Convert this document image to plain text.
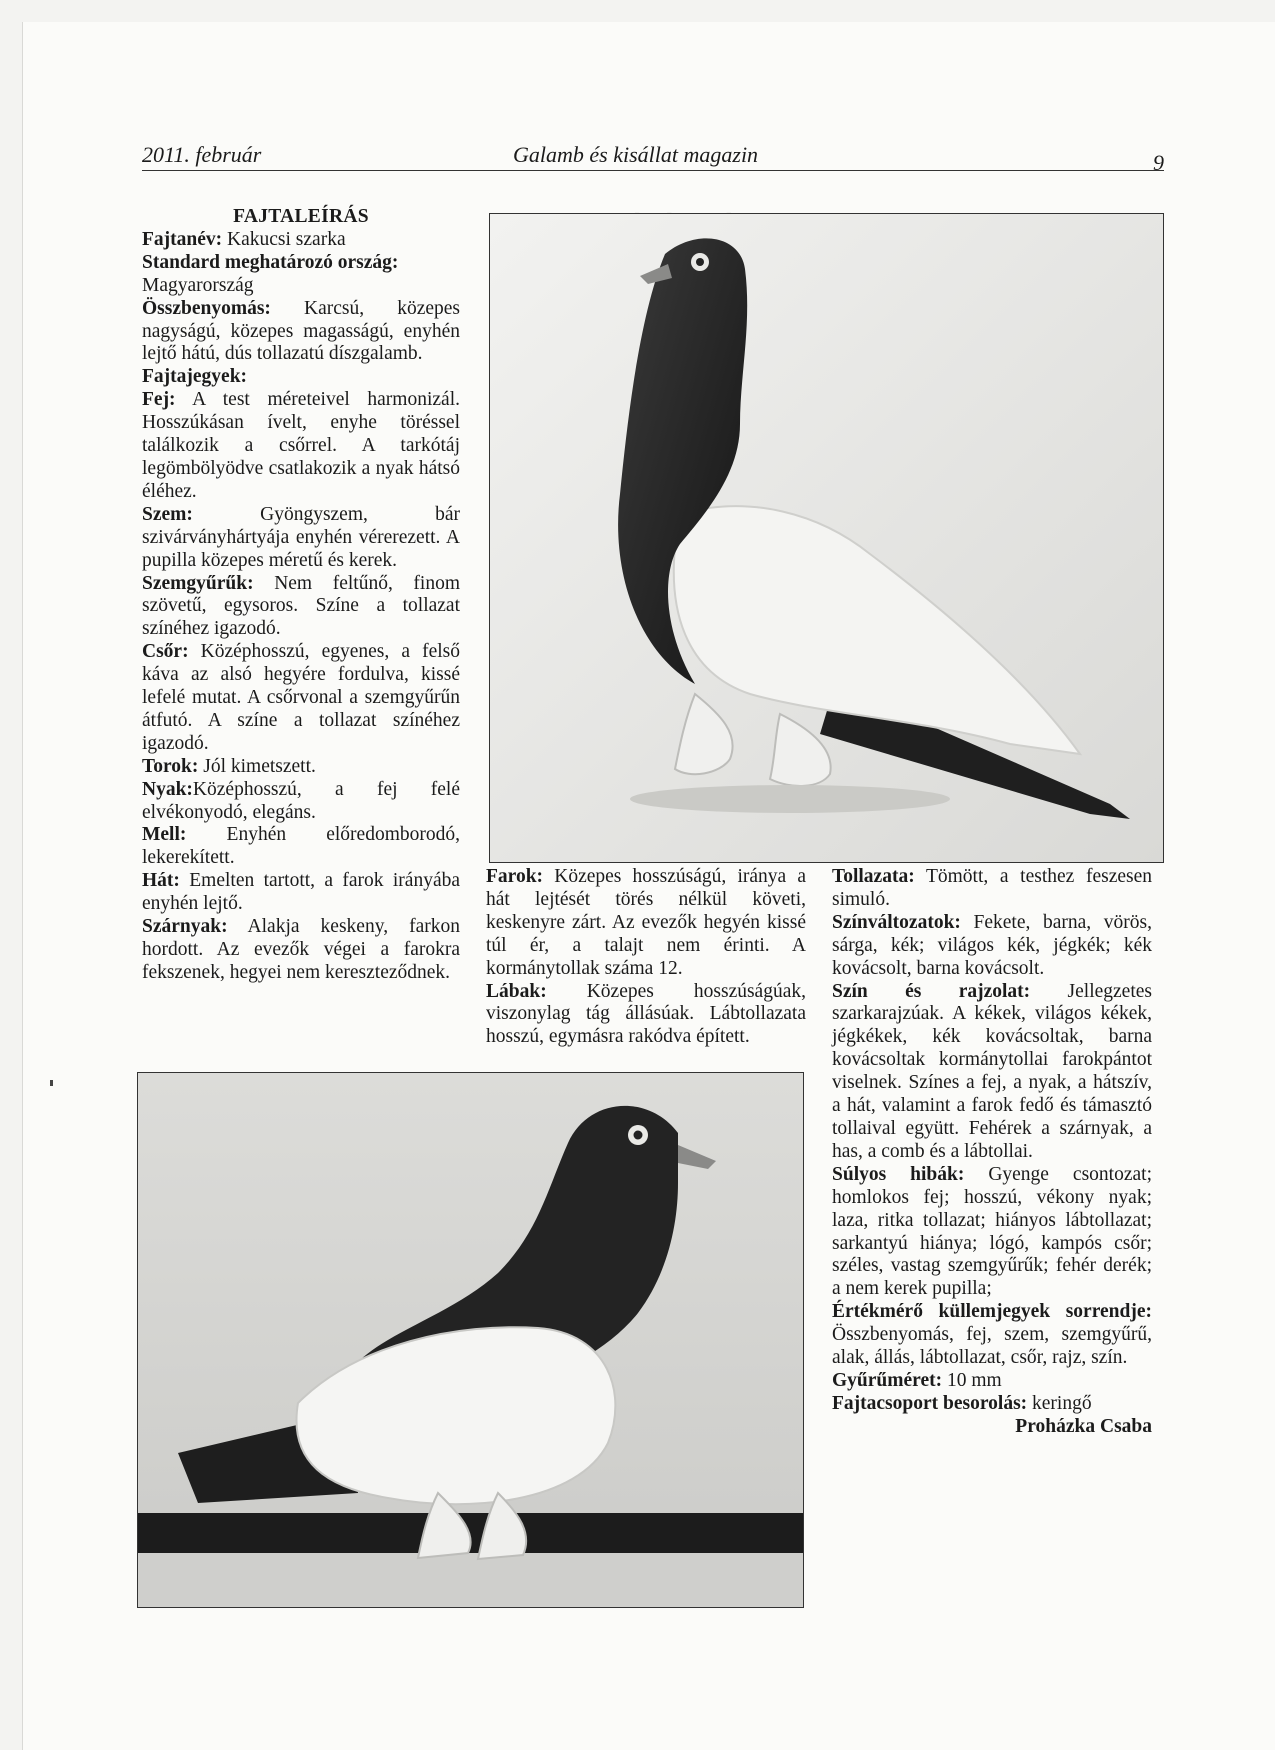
2011. február	Galamb és kisállat magazin	9

FAJTALEÍRÁS

Fajtanév: Kakucsi szarka

Standard meghatározó ország: Magyarország

Összbenyomás: Karcsú, közepes nagyságú, közepes magasságú, enyhén lejtő hátú, dús tollazatú díszgalamb.

Fajtajegyek:

Fej: A test méreteivel harmonizál. Hosszúkásan ívelt, enyhe töréssel találkozik a csőrrel. A tarkótáj legömbölyödve csatlakozik a nyak hátsó éléhez.

Szem: Gyöngyszem, bár szivárványhártyája enyhén vérerezett. A pupilla közepes méretű és kerek.

Szemgyűrűk: Nem feltűnő, finom szövetű, egysoros. Színe a tollazat színéhez igazodó.

Csőr: Középhosszú, egyenes, a felső káva az alsó hegyére fordulva, kissé lefelé mutat. A csőrvonal a szemgyűrűn átfutó. A színe a tollazat színéhez igazodó.

Torok: Jól kimetszett.

Nyak:Középhosszú, a fej felé elvékonyodó, elegáns.

Mell: Enyhén előredomborodó, lekerekített.

Hát: Emelten tartott, a farok irányába enyhén lejtő.

Szárnyak: Alakja keskeny, farkon hordott. Az evezők végei a farokra fekszenek, hegyei nem kereszteződnek.

Farok: Közepes hosszúságú, iránya a hát lejtését törés nélkül követi, keskenyre zárt. Az evezők hegyén kissé túl ér, a talajt nem érinti. A kormánytollak száma 12.

Lábak: Közepes hosszúságúak, viszonylag tág állásúak. Lábtollazata hosszú, egymásra rakódva épített.

Tollazata: Tömött, a testhez feszesen simuló.

Színváltozatok: Fekete, barna, vörös, sárga, kék; világos kék, jégkék; kék kovácsolt, barna kovácsolt.

Szín és rajzolat: Jellegzetes szarkarajzúak. A kékek, világos kékek, jégkékek, kék kovácsoltak, barna kovácsoltak kormánytollai farokpántot viselnek. Színes a fej, a nyak, a hátszív, a hát, valamint a farok fedő és támasztó tollaival együtt. Fehérek a szárnyak, a has, a comb és a lábtollai.

Súlyos hibák: Gyenge csontozat; homlokos fej; hosszú, vékony nyak; laza, ritka tollazat; hiányos lábtollazat; sarkantyú hiánya; lógó, kampós csőr; széles, vastag szemgyűrűk; fehér derék; a nem kerek pupilla;

Értékmérő küllemjegyek sorrendje: Összbenyomás, fej, szem, szemgyűrű, alak, állás, lábtollazat, csőr, rajz, szín.

Gyűrűméret: 10 mm

Fajtacsoport besorolás: keringő

Proházka Csaba
